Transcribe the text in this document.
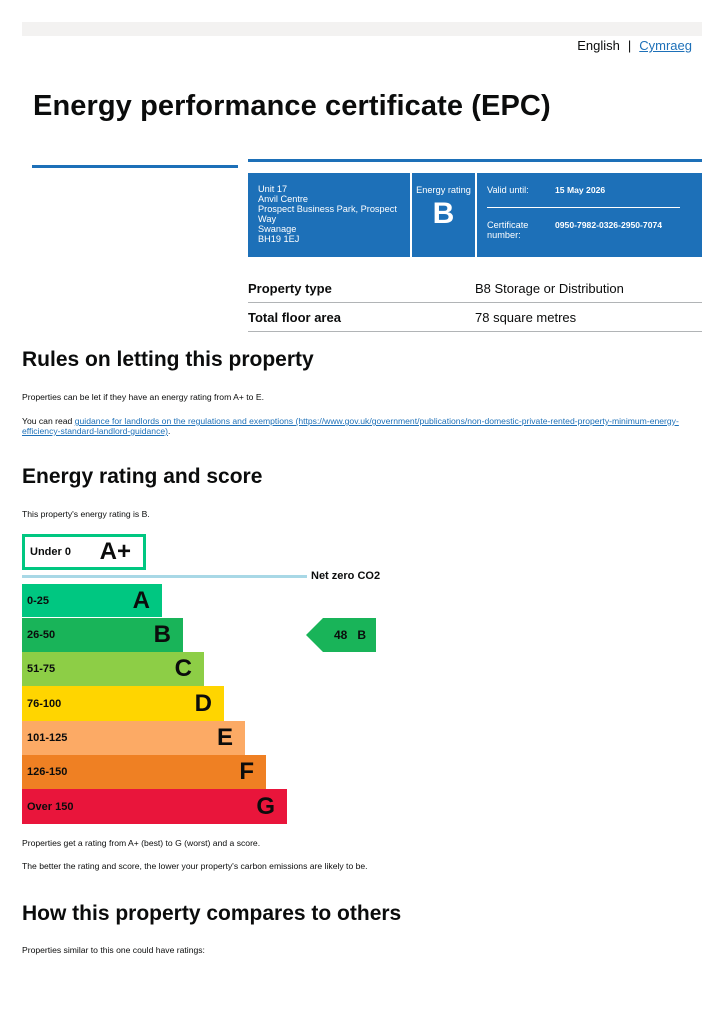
English | Cymraeg
Energy performance certificate (EPC)
Unit 17
Anvil Centre
Prospect Business Park, Prospect
Way
Swanage
BH19 1EJ
Energy rating
B
Valid until:	15 May 2026
Certificate
number:
0950-7982-0326-2950-7074
Property type	B8 Storage or Distribution
Total floor area	78 square metres
Rules on letting this property

Properties can be let if they have an energy rating from A+ to E.

You can read guidance for landlords on the regulations and exemptions (https://www.gov.uk/government/publications/non-domestic-private-rented-property-minimum-energy-efficiency-standard-landlord-guidance).

Energy rating and score

This property's energy rating is B.

Under 0 A+
Net zero CO2
0-25	A
26-50	B
51-75	C
76-100	D
101-125	E
126-150	F
Over 150	G
48 B

Properties get a rating from A+ (best) to G (worst) and a score.

The better the rating and score, the lower your property's carbon emissions are likely to be.

How this property compares to others

Properties similar to this one could have ratings:
